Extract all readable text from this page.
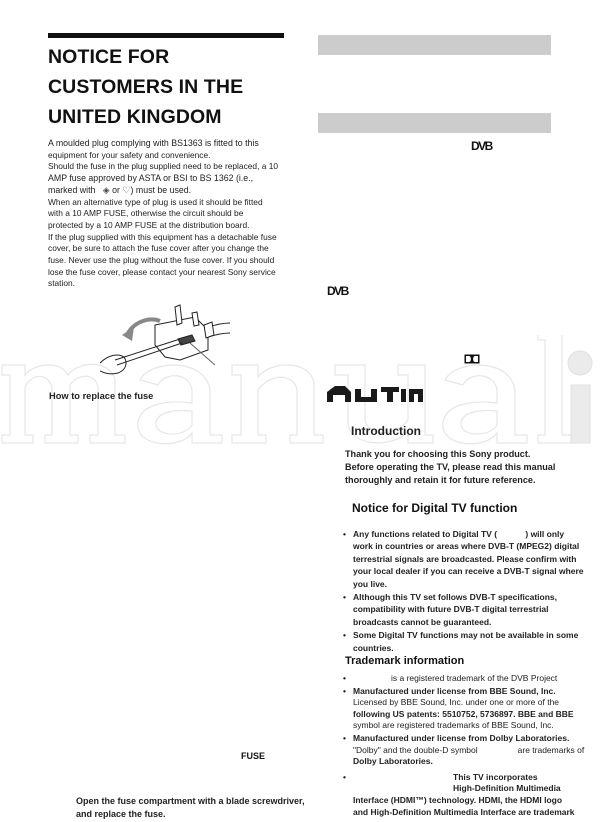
NOTICE FOR
CUSTOMERS IN THE
UNITED KINGDOM

A moulded plug complying with BS1363 is fitted to this

equipment for your safety and convenience.

Should the fuse in the plug supplied need to be replaced, a 10

AMP fuse approved by ASTA or BSI to BS 1362 (i.e.,

marked with ◈ or ♡) must be used.

When an alternative type of plug is used it should be fitted

with a 10 AMP FUSE, otherwise the circuit should be

protected by a 10 AMP FUSE at the distribution board.

If the plug supplied with this equipment has a detachable fuse

cover, be sure to attach the fuse cover after you change the

fuse. Never use the plug without the fuse cover. If you should

lose the fuse cover, please contact your nearest Sony service

station.

How to replace the fuse
FUSE
Open the fuse compartment with a blade screwdriver,
and replace the fuse.
DVB
DVB
Introduction
Thank you for choosing this Sony product.
Before operating the TV, please read this manual
thoroughly and retain it for future reference.
Notice for Digital TV function
• Any functions related to Digital TV (            ) will only
work in countries or areas where DVB-T (MPEG2) digital
terrestrial signals are broadcasted. Please confirm with
your local dealer if you can receive a DVB-T signal where
you live.
• Although this TV set follows DVB-T specifications,
compatibility with future DVB-T digital terrestrial
broadcasts cannot be guaranteed.
• Some Digital TV functions may not be available in some
countries.
Trademark information
• is a registered trademark of the DVB Project
• Manufactured under license from BBE Sound, Inc.
Licensed by BBE Sound, Inc. under one or more of the
following US patents: 5510752, 5736897. BBE and BBE
symbol are registered trademarks of BBE Sound, Inc.
• Manufactured under license from Dolby Laboratories.
"Dolby" and the double-D symbol	are trademarks of
Dolby Laboratories.
• This TV incorporates
High-Definition Multimedia
Interface (HDMI™) technology. HDMI, the HDMI logo
and High-Definition Multimedia Interface are trademark
